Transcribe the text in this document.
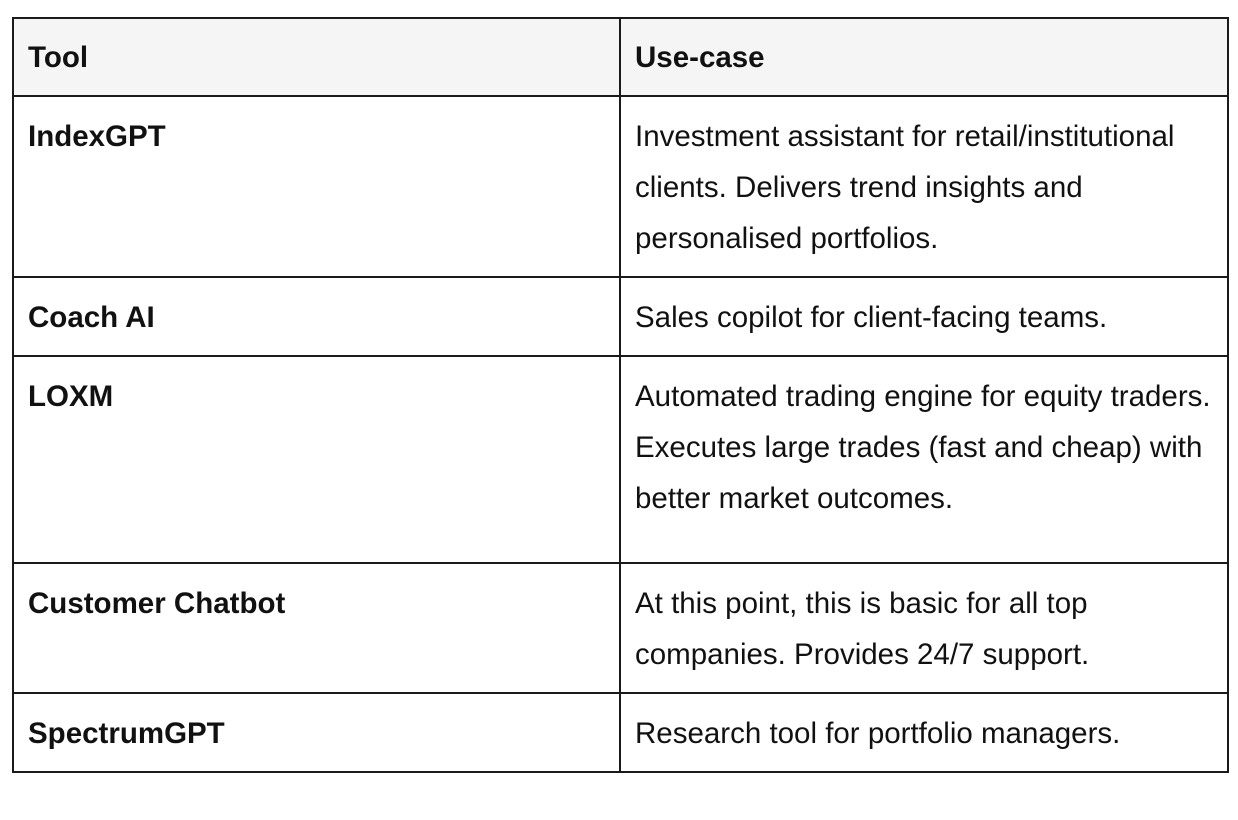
Tool	Use-case
IndexGPT	Investment assistant for retail/institutional clients. Delivers trend insights and personalised portfolios.
Coach AI	Sales copilot for client-facing teams.
LOXM	Automated trading engine for equity traders. Executes large trades (fast and cheap) with better market outcomes.
Customer Chatbot	At this point, this is basic for all top companies. Provides 24/7 support.
SpectrumGPT	Research tool for portfolio managers.
